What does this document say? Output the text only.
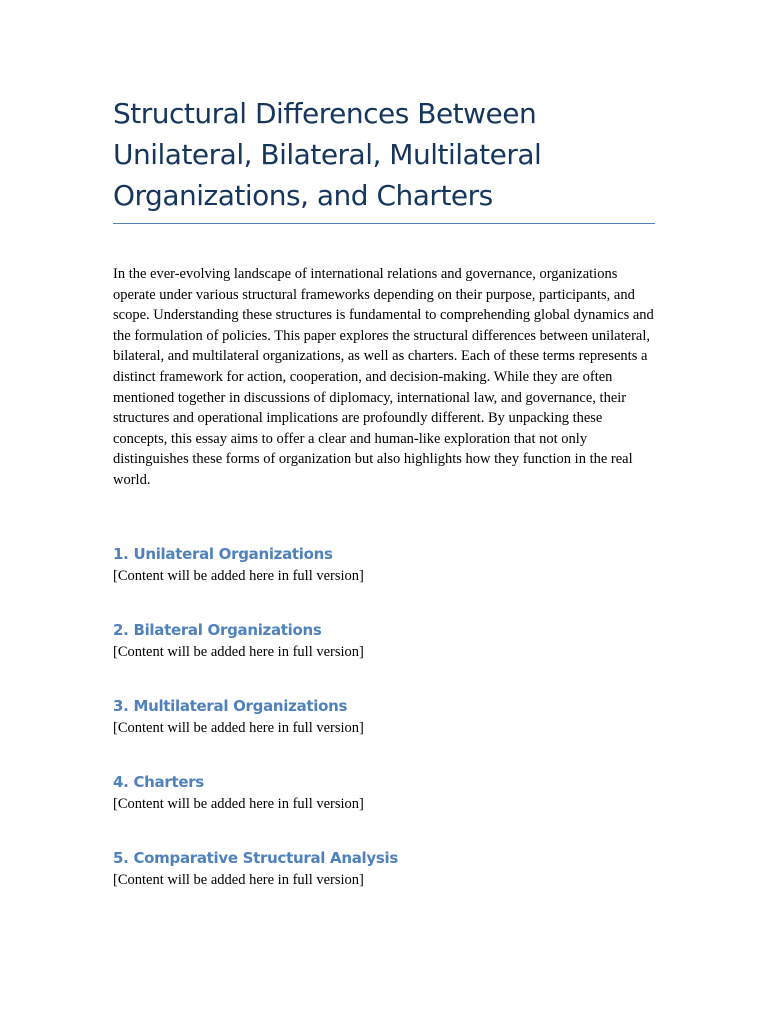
Structural Differences Between Unilateral, Bilateral, Multilateral Organizations, and Charters

In the ever-evolving landscape of international relations and governance, organizations operate under various structural frameworks depending on their purpose, participants, and scope. Understanding these structures is fundamental to comprehending global dynamics and the formulation of policies. This paper explores the structural differences between unilateral, bilateral, and multilateral organizations, as well as charters. Each of these terms represents a distinct framework for action, cooperation, and decision-making. While they are often mentioned together in discussions of diplomacy, international law, and governance, their structures and operational implications are profoundly different. By unpacking these concepts, this essay aims to offer a clear and human-like exploration that not only distinguishes these forms of organization but also highlights how they function in the real world.

1. Unilateral Organizations

[Content will be added here in full version]

2. Bilateral Organizations

[Content will be added here in full version]

3. Multilateral Organizations

[Content will be added here in full version]

4. Charters

[Content will be added here in full version]

5. Comparative Structural Analysis

[Content will be added here in full version]
